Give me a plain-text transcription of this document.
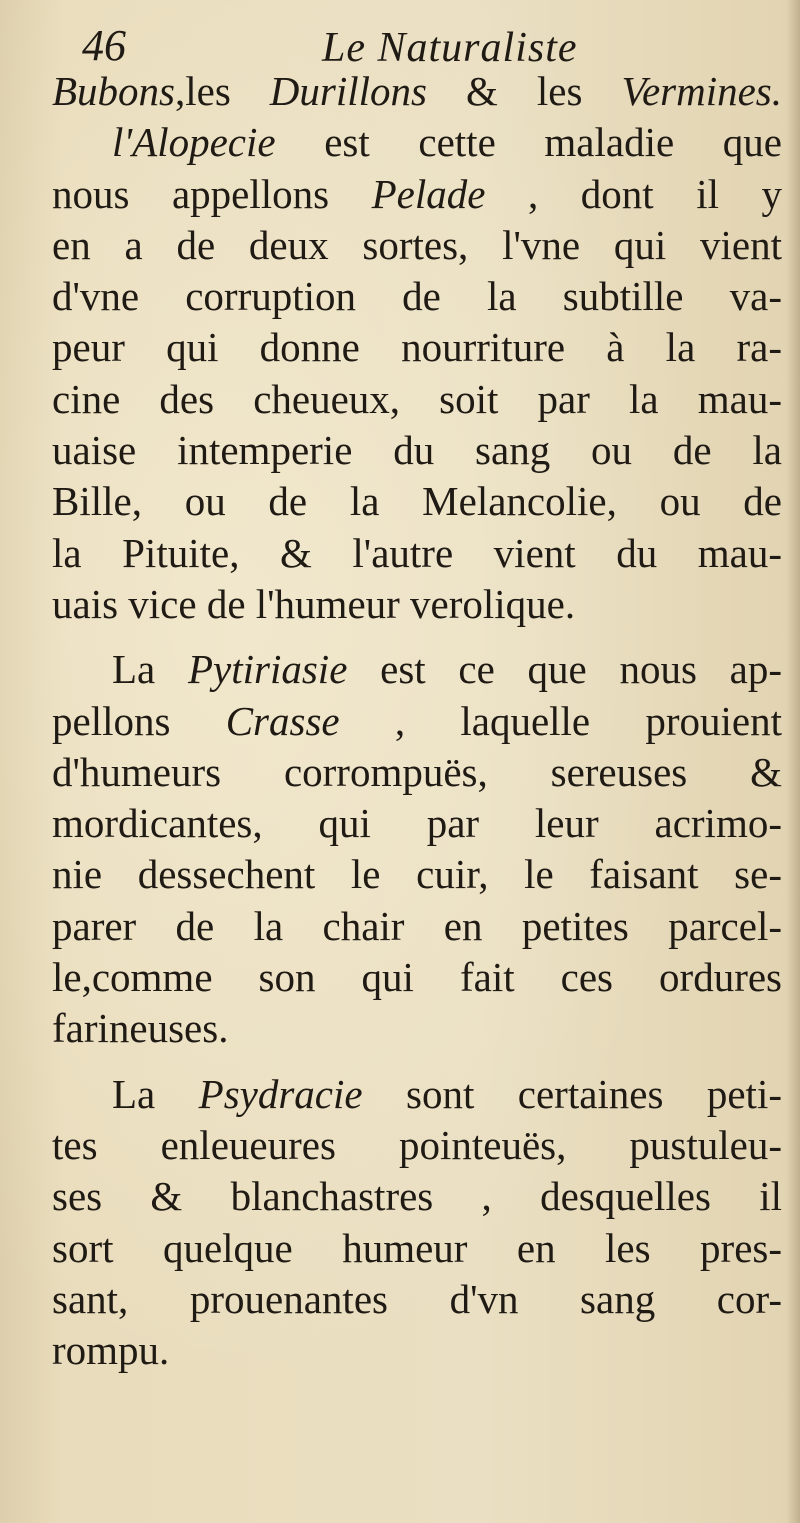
46	Le Naturaliste
Bubons,les Durillons & les Vermines.
l'Alopecie est cette maladie que
nous appellons Pelade , dont il y
en a de deux sortes, l'vne qui vient
d'vne corruption de la subtille va-
peur qui donne nourriture à la ra-
cine des cheueux, soit par la mau-
uaise intemperie du sang ou de la
Bille, ou de la Melancolie, ou de
la Pituite, & l'autre vient du mau-
uais vice de l'humeur verolique.
La Pytiriasie est ce que nous ap-
pellons Crasse , laquelle prouient
d'humeurs corrompuës, sereuses &
mordicantes, qui par leur acrimo-
nie dessechent le cuir, le faisant se-
parer de la chair en petites parcel-
le,comme son qui fait ces ordures
farineuses.
La Psydracie sont certaines peti-
tes enleueures pointeuës, pustuleu-
ses & blanchastres , desquelles il
sort quelque humeur en les pres-
sant, prouenantes d'vn sang cor-
rompu.
